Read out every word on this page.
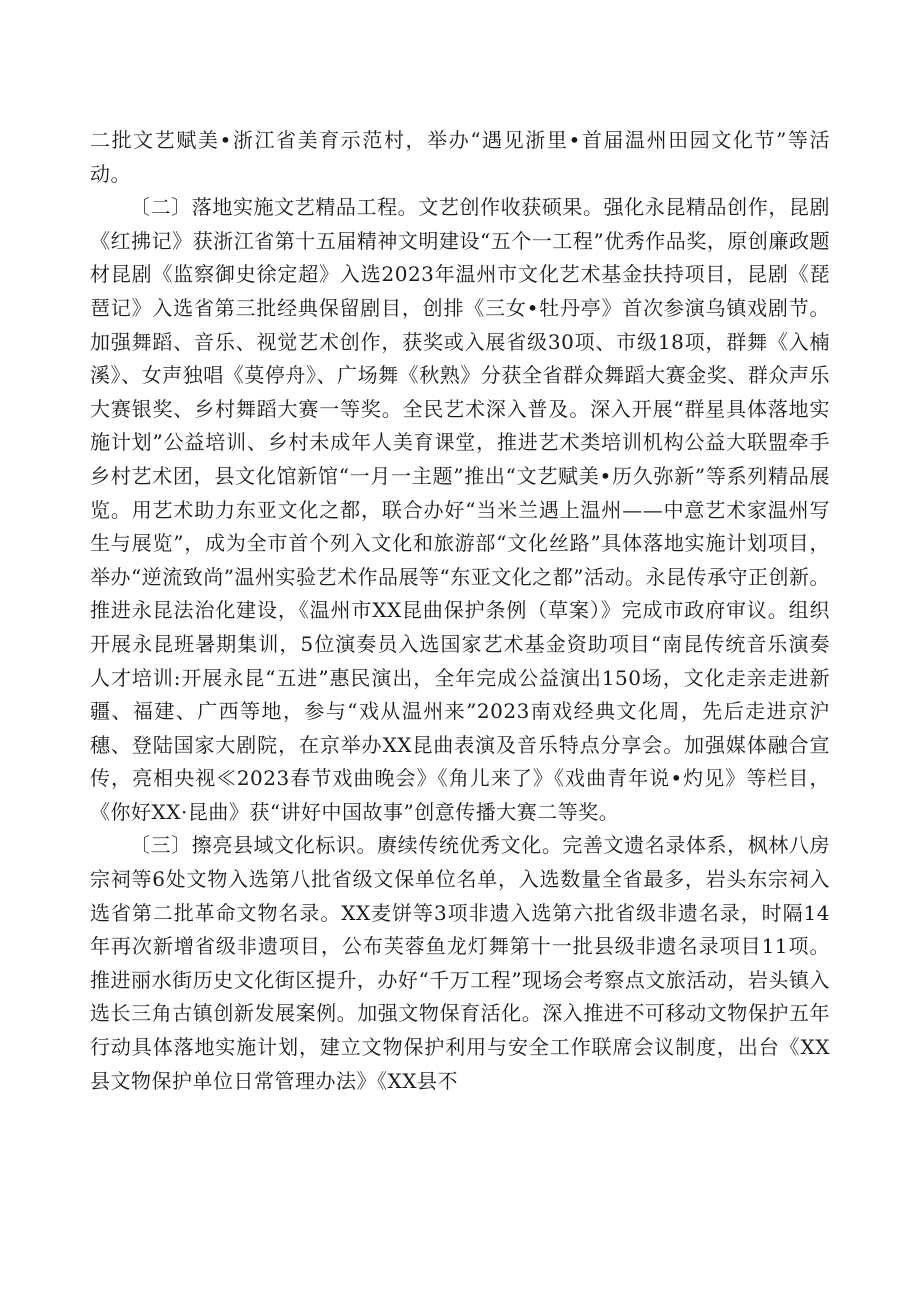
二批文艺赋美•浙江省美育示范村，举办“遇见浙里•首届温州田园文化节”等活动。

〔二〕落地实施文艺精品工程。文艺创作收获硕果。强化永昆精品创作，昆剧《红拂记》获浙江省第十五届精神文明建设“五个一工程”优秀作品奖，原创廉政题材昆剧《监察御史徐定超》入选2023年温州市文化艺术基金扶持项目，昆剧《琵琶记》入选省第三批经典保留剧目，创排《三女•牡丹亭》首次参演乌镇戏剧节。加强舞蹈、音乐、视觉艺术创作，获奖或入展省级30项、市级18项，群舞《入楠溪》、女声独唱《莫停舟》、广场舞《秋熟》分获全省群众舞蹈大赛金奖、群众声乐大赛银奖、乡村舞蹈大赛一等奖。全民艺术深入普及。深入开展“群星具体落地实施计划”公益培训、乡村未成年人美育课堂，推进艺术类培训机构公益大联盟牵手乡村艺术团，县文化馆新馆“一月一主题”推出“文艺赋美•历久弥新”等系列精品展览。用艺术助力东亚文化之都，联合办好“当米兰遇上温州——中意艺术家温州写生与展览”，成为全市首个列入文化和旅游部“文化丝路”具体落地实施计划项目，举办“逆流致尚”温州实验艺术作品展等“东亚文化之都”活动。永昆传承守正创新。推进永昆法治化建设，《温州市XX昆曲保护条例（草案）》完成市政府审议。组织开展永昆班暑期集训，5位演奏员入选国家艺术基金资助项目“南昆传统音乐演奏人才培训:开展永昆“五进”惠民演出，全年完成公益演出150场，文化走亲走进新疆、福建、广西等地，参与“戏从温州来”2023南戏经典文化周，先后走进京沪穗、登陆国家大剧院，在京举办XX昆曲表演及音乐特点分享会。加强媒体融合宣传，亮相央视≪2023春节戏曲晚会》《角儿来了》《戏曲青年说•灼见》等栏目，《你好XX·昆曲》获“讲好中国故事”创意传播大赛二等奖。

〔三〕擦亮县域文化标识。赓续传统优秀文化。完善文遗名录体系，枫林八房宗祠等6处文物入选第八批省级文保单位名单，入选数量全省最多，岩头东宗祠入选省第二批革命文物名录。XX麦饼等3项非遗入选第六批省级非遗名录，时隔14年再次新增省级非遗项目，公布芙蓉鱼龙灯舞第十一批县级非遗名录项目11项。推进丽水街历史文化街区提升，办好“千万工程”现场会考察点文旅活动，岩头镇入选长三角古镇创新发展案例。加强文物保育活化。深入推进不可移动文物保护五年行动具体落地实施计划，建立文物保护利用与安全工作联席会议制度，出台《XX县文物保护单位日常管理办法》《XX县不
